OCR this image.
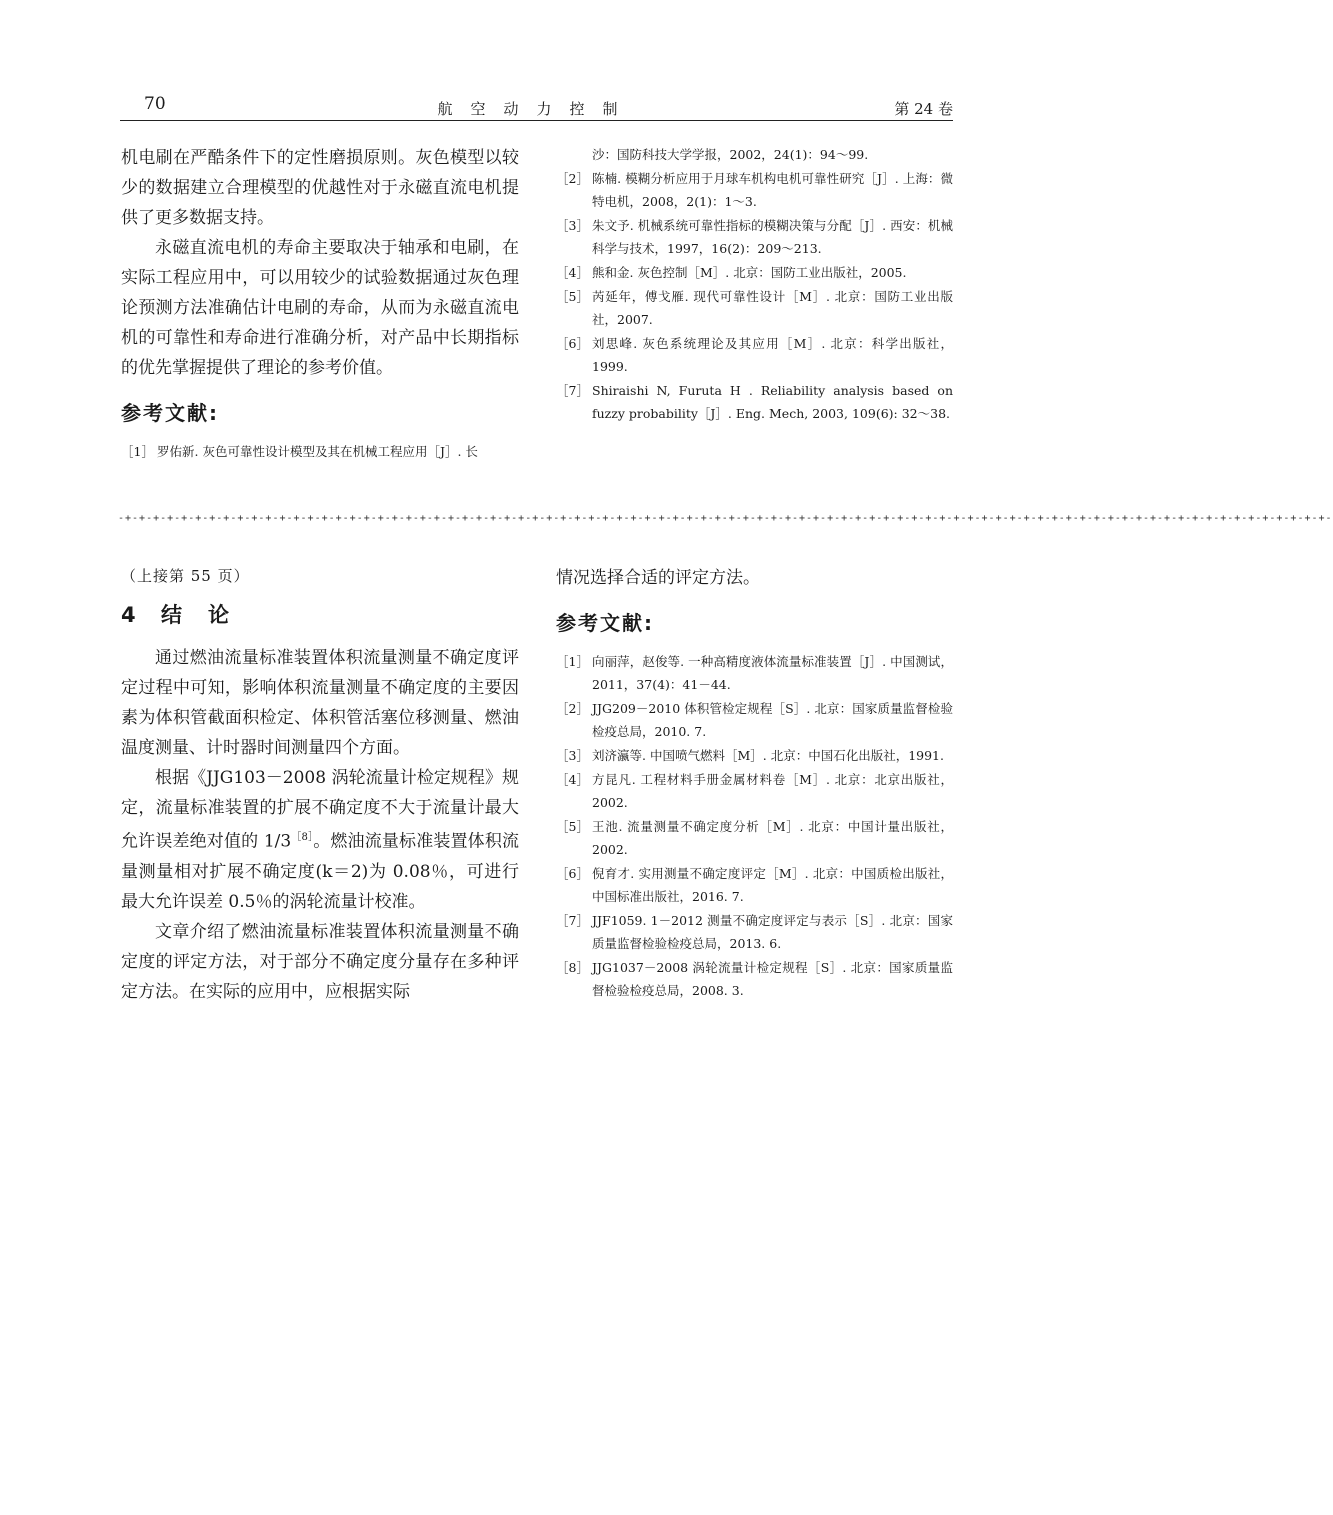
70	航空动力控制	第 24 卷

机电刷在严酷条件下的定性磨损原则。灰色模型以较少的数据建立合理模型的优越性对于永磁直流电机提供了更多数据支持。

永磁直流电机的寿命主要取决于轴承和电刷，在实际工程应用中，可以用较少的试验数据通过灰色理论预测方法准确估计电刷的寿命，从而为永磁直流电机的可靠性和寿命进行准确分析，对产品中长期指标的优先掌握提供了理论的参考价值。

参考文献:
［1］ 罗佑新. 灰色可靠性设计模型及其在机械工程应用［J］. 长
沙：国防科技大学学报，2002，24(1)：94～99.
［2］ 陈楠. 模糊分析应用于月球车机构电机可靠性研究［J］. 上海：微特电机，2008，2(1)：1～3.
［3］ 朱文予. 机械系统可靠性指标的模糊决策与分配［J］. 西安：机械科学与技术，1997，16(2)：209～213.
［4］ 熊和金. 灰色控制［M］. 北京：国防工业出版社，2005.
［5］ 芮延年，傅戈雁. 现代可靠性设计［M］. 北京：国防工业出版社，2007.
［6］ 刘思峰. 灰色系统理论及其应用［M］. 北京：科学出版社，1999.
［7］ Shiraishi N, Furuta H . Reliability analysis based on fuzzy probability［J］. Eng. Mech, 2003, 109(6): 32～38.
-+-+-+-+-+-+-+-+-+-+-+-+-+-+-+-+-+-+-+-+-+-+-+-+-+-+-+-+-+-+-+-+-+-+-+-+-+-+-+-+-+-+-+-+-+-+-+-+-+-+-+-+-+-+-+-+-+-+-+-+-+-+-+-+-+-+-+-+-+-+-+-+-+-+-+-+-+-+-+-+-+-+-+-+-+-+-

（上接第 55 页）

4 结论

通过燃油流量标准装置体积流量测量不确定度评定过程中可知，影响体积流量测量不确定度的主要因素为体积管截面积检定、体积管活塞位移测量、燃油温度测量、计时器时间测量四个方面。

根据《JJG103－2008 涡轮流量计检定规程》规定，流量标准装置的扩展不确定度不大于流量计最大允许误差绝对值的 $1/3^{[8]}$。燃油流量标准装置体积流量测量相对扩展不确定度(k＝2)为 0.08％，可进行最大允许误差 0.5％的涡轮流量计校准。

文章介绍了燃油流量标准装置体积流量测量不确定度的评定方法，对于部分不确定度分量存在多种评定方法。在实际的应用中，应根据实际

情况选择合适的评定方法。

参考文献:
［1］ 向丽萍，赵俊等. 一种高精度液体流量标准装置［J］. 中国测试，2011，37(4)：41－44.
［2］ JJG209－2010 体积管检定规程［S］. 北京：国家质量监督检验检疫总局，2010. 7.
［3］ 刘济瀛等. 中国喷气燃料［M］. 北京：中国石化出版社，1991.
［4］ 方昆凡. 工程材料手册金属材料卷［M］. 北京：北京出版社，2002.
［5］ 王池. 流量测量不确定度分析［M］. 北京：中国计量出版社，2002.
［6］ 倪育才. 实用测量不确定度评定［M］. 北京：中国质检出版社，中国标准出版社，2016. 7.
［7］ JJF1059. 1－2012 测量不确定度评定与表示［S］. 北京：国家质量监督检验检疫总局，2013. 6.
［8］ JJG1037－2008 涡轮流量计检定规程［S］. 北京：国家质量监督检验检疫总局，2008. 3.
